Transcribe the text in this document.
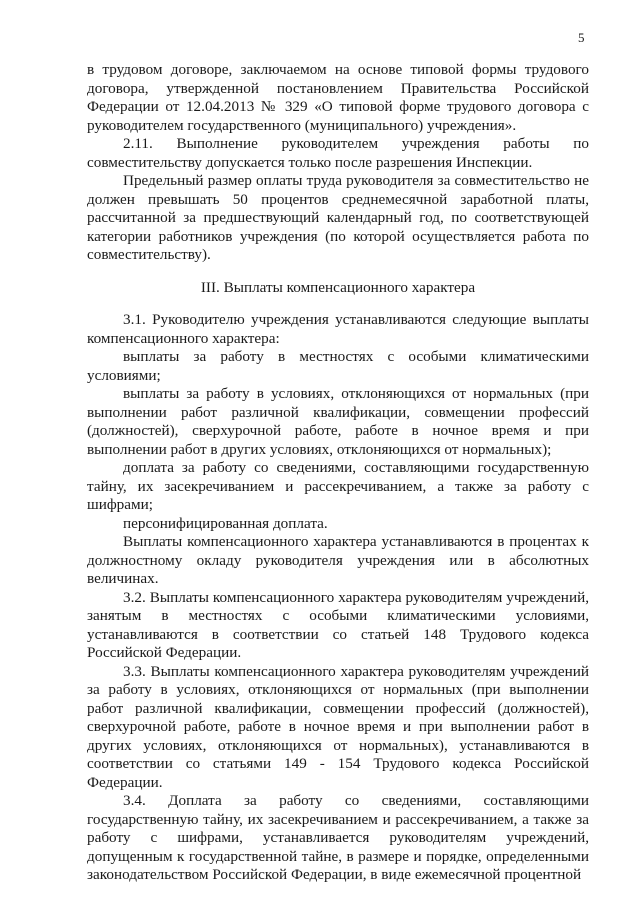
5

в трудовом договоре, заключаемом на основе типовой формы трудового договора, утвержденной постановлением Правительства Российской Федерации от 12.04.2013 № 329 «О типовой форме трудового договора с руководителем государственного (муниципального) учреждения».

2.11. Выполнение руководителем учреждения работы по совместительству допускается только после разрешения Инспекции.

Предельный размер оплаты труда руководителя за совместительство не должен превышать 50 процентов среднемесячной заработной платы, рассчитанной за предшествующий календарный год, по соответствующей категории работников учреждения (по которой осуществляется работа по совместительству).

III. Выплаты компенсационного характера

3.1. Руководителю учреждения устанавливаются следующие выплаты компенсационного характера:

выплаты за работу в местностях с особыми климатическими условиями;

выплаты за работу в условиях, отклоняющихся от нормальных (при выполнении работ различной квалификации, совмещении профессий (должностей), сверхурочной работе, работе в ночное время и при выполнении работ в других условиях, отклоняющихся от нормальных);

доплата за работу со сведениями, составляющими государственную тайну, их засекречиванием и рассекречиванием, а также за работу с шифрами;

персонифицированная доплата.

Выплаты компенсационного характера устанавливаются в процентах к должностному окладу руководителя учреждения или в абсолютных величинах.

3.2. Выплаты компенсационного характера руководителям учреждений, занятым в местностях с особыми климатическими условиями, устанавливаются в соответствии со статьей 148 Трудового кодекса Российской Федерации.

3.3. Выплаты компенсационного характера руководителям учреждений за работу в условиях, отклоняющихся от нормальных (при выполнении работ различной квалификации, совмещении профессий (должностей), сверхурочной работе, работе в ночное время и при выполнении работ в других условиях, отклоняющихся от нормальных), устанавливаются в соответствии со статьями 149 - 154 Трудового кодекса Российской Федерации.

3.4. Доплата за работу со сведениями, составляющими государственную тайну, их засекречиванием и рассекречиванием, а также за работу с шифрами, устанавливается руководителям учреждений, допущенным к государственной тайне, в размере и порядке, определенными законодательством Российской Федерации, в виде ежемесячной процентной
